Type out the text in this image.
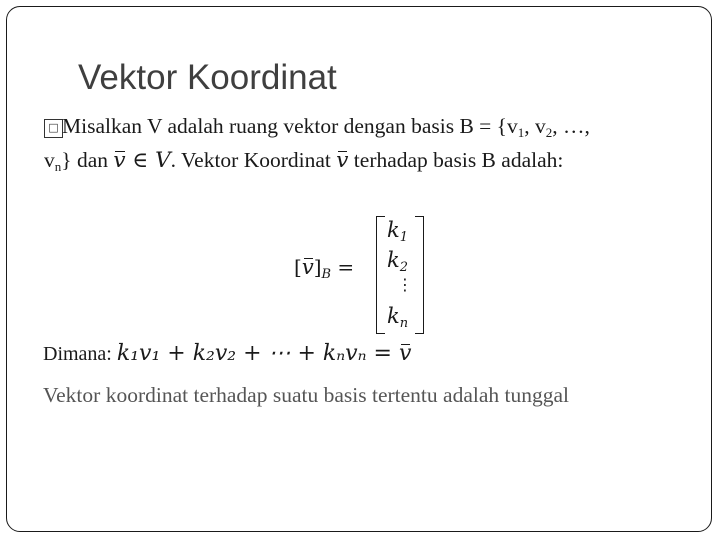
Vektor Koordinat
□ Misalkan V adalah ruang vektor dengan basis $B = \{v_1$, $v_2$, …,
$v_n$} dan v ∈ V. Vektor Koordinat v terhadap basis B adalah:
$[v]_B$ =
$k_1$
$k_2$
⋮
$k_n$
Dimana: k₁v₁ + k₂v₂ + ⋯ + kₙvₙ = v
Vektor koordinat terhadap suatu basis tertentu adalah tunggal
